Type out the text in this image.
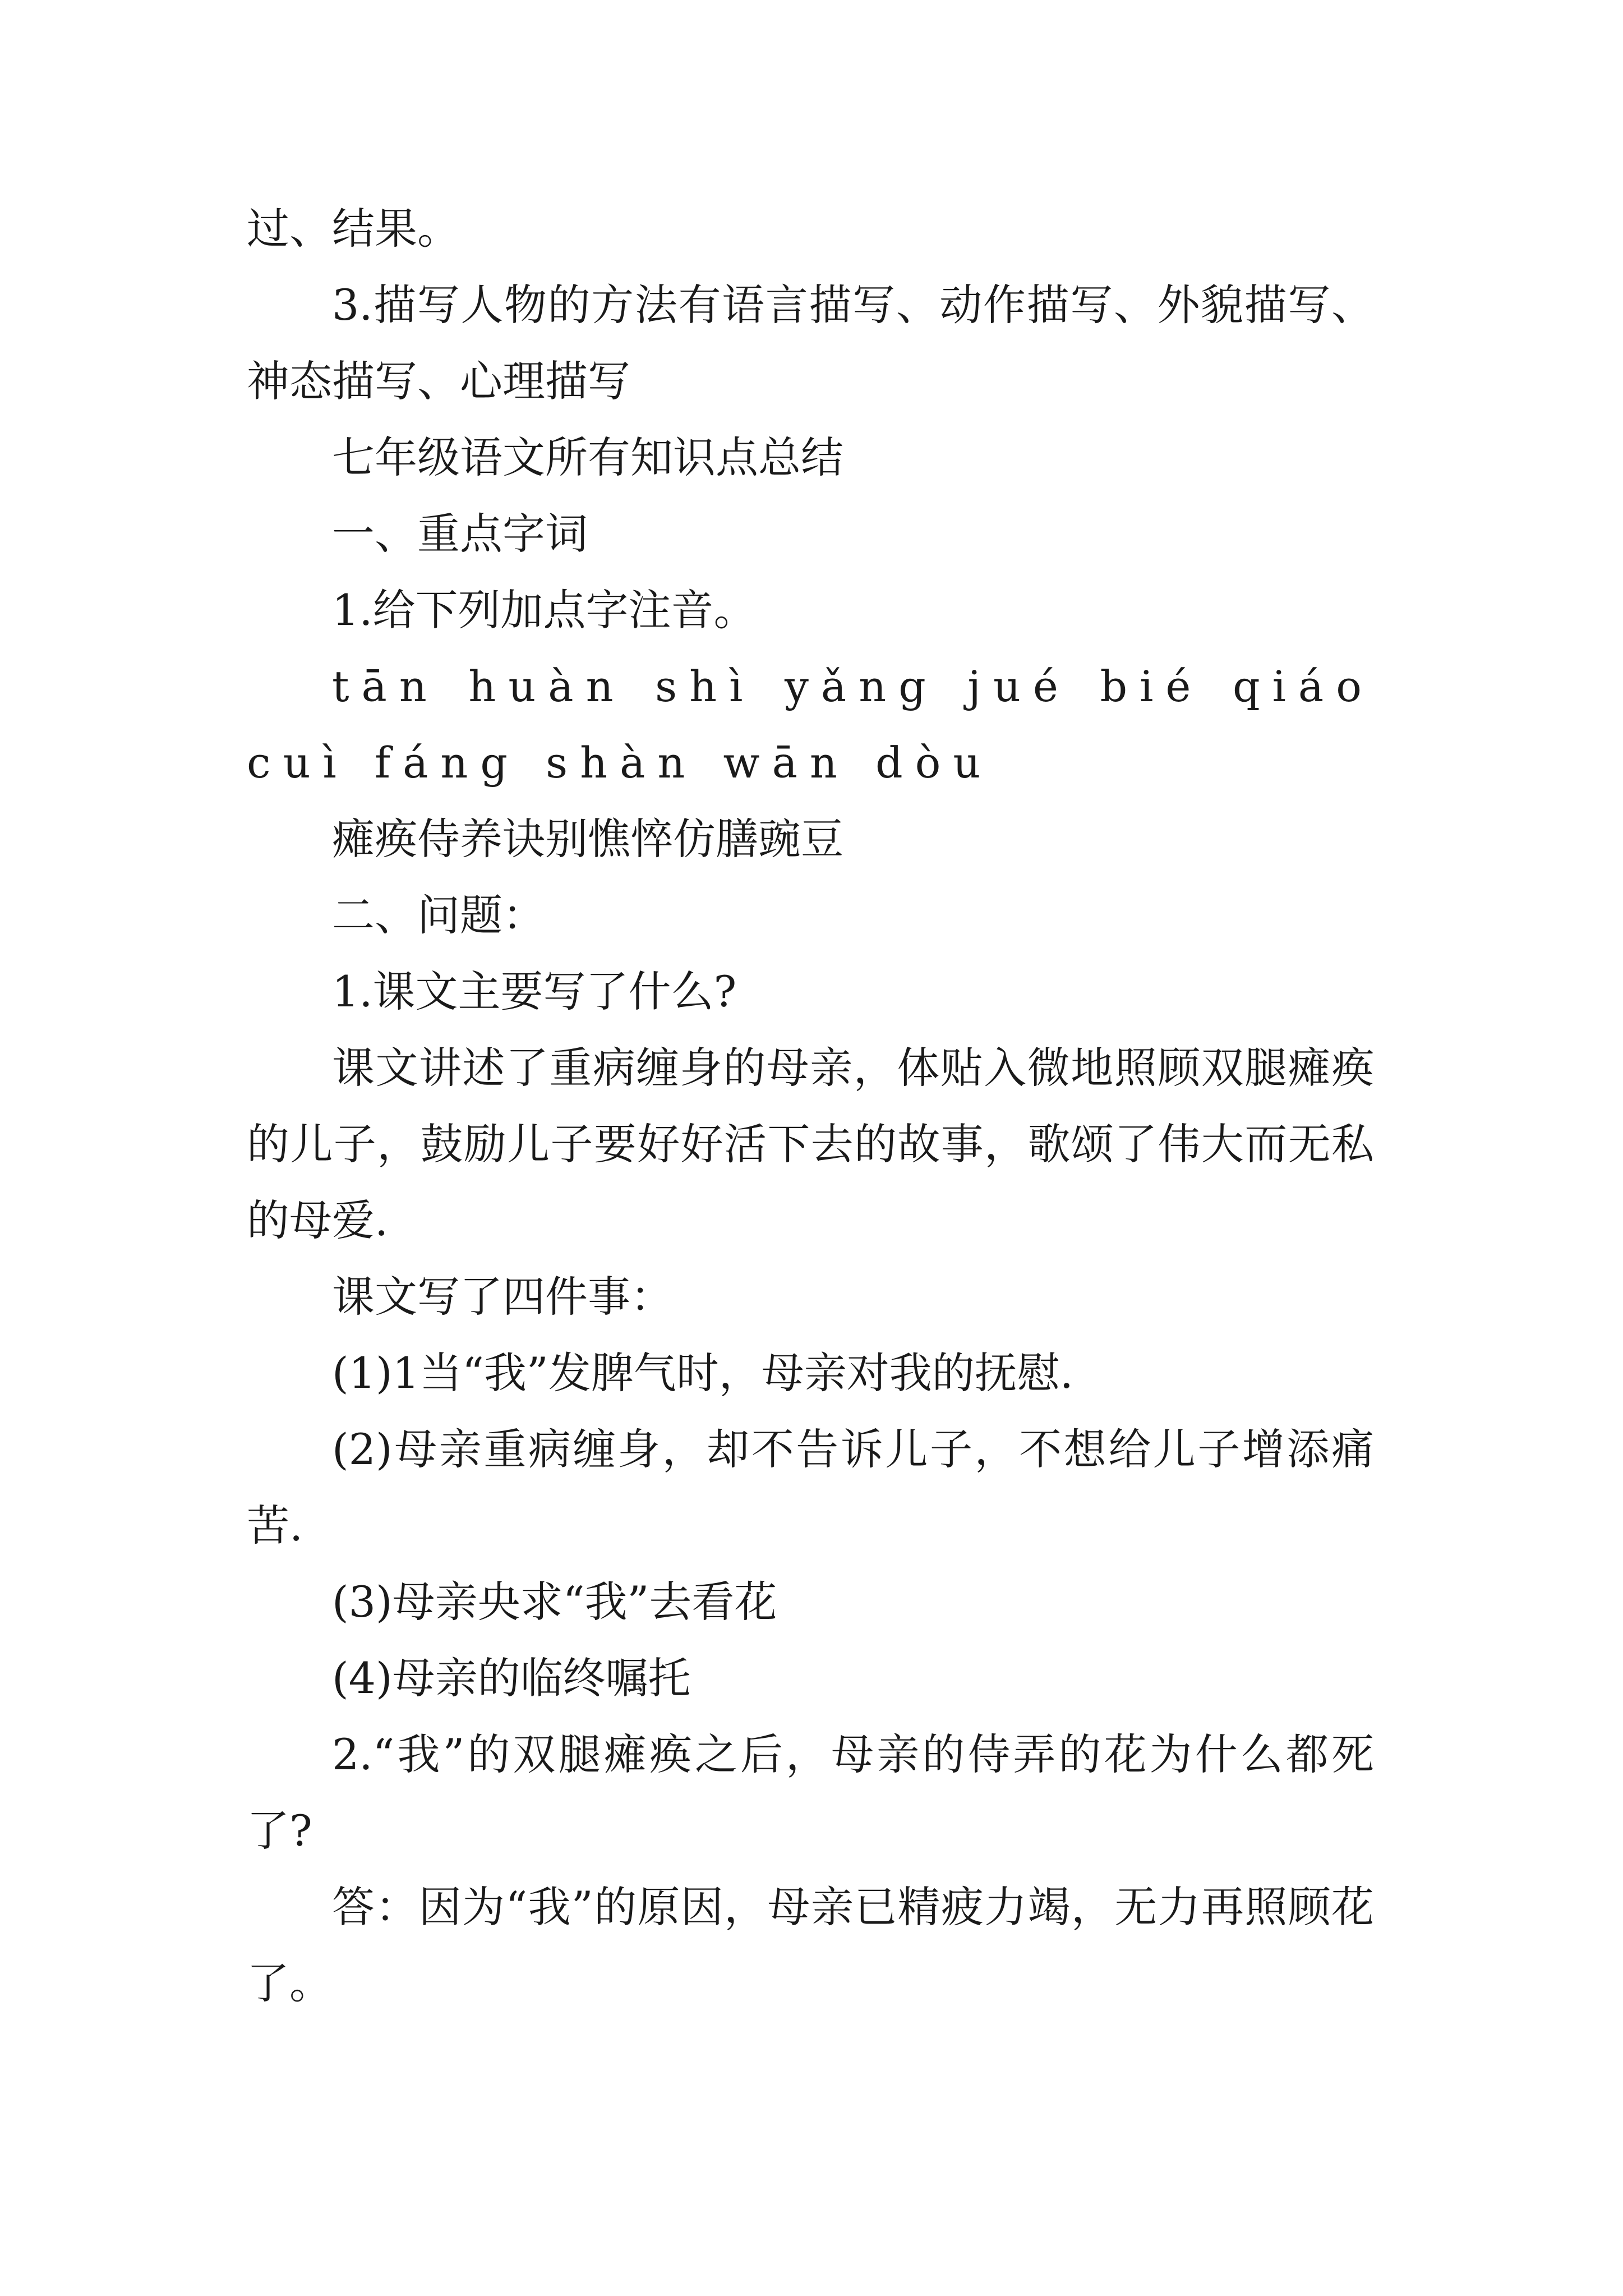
过、结果。

3.描写人物的方法有语言描写、动作描写、外貌描写、神态描写、心理描写

七年级语文所有知识点总结

一、重点字词

1.给下列加点字注音。

tān huàn shì yǎng jué bié qiáo cuì fáng shàn wān dòu

瘫痪侍养诀别憔悴仿膳豌豆

二、问题：

1.课文主要写了什么?

课文讲述了重病缠身的母亲，体贴入微地照顾双腿瘫痪的儿子，鼓励儿子要好好活下去的故事，歌颂了伟大而无私的母爱.

课文写了四件事：

(1)1当“我”发脾气时，母亲对我的抚慰.

(2)母亲重病缠身，却不告诉儿子，不想给儿子增添痛苦.

(3)母亲央求“我”去看花

(4)母亲的临终嘱托

2.“我”的双腿瘫痪之后，母亲的侍弄的花为什么都死了?

答：因为“我”的原因，母亲已精疲力竭，无力再照顾花了。
